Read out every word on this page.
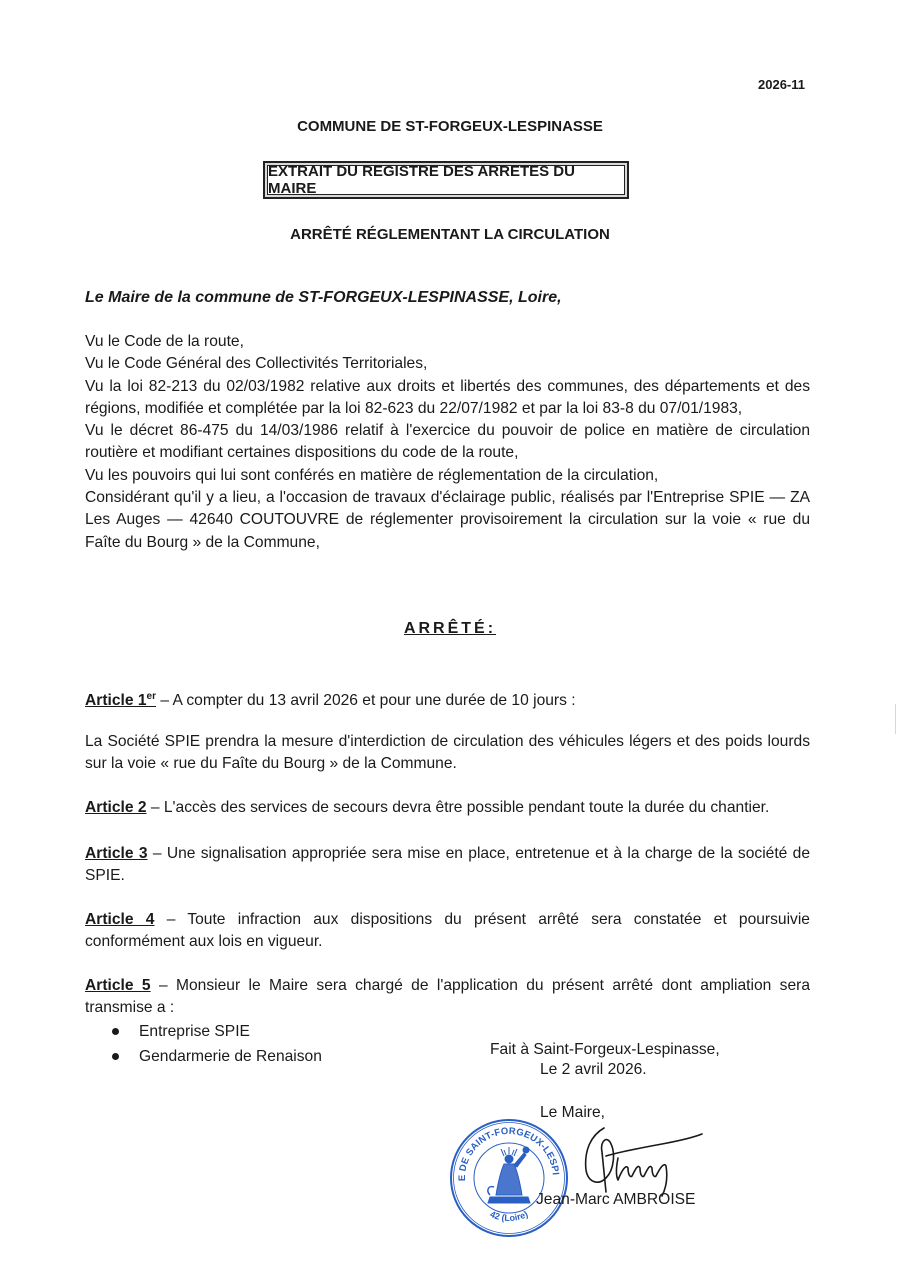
2026-11
COMMUNE DE ST-FORGEUX-LESPINASSE
EXTRAIT DU REGISTRE DES ARRETES DU MAIRE
ARRÊTÉ RÉGLEMENTANT LA CIRCULATION
Le Maire de la commune de ST-FORGEUX-LESPINASSE, Loire,

Vu le Code de la route,

Vu le Code Général des Collectivités Territoriales,

Vu la loi 82-213 du 02/03/1982 relative aux droits et libertés des communes, des départements et des régions, modifiée et complétée par la loi 82-623 du 22/07/1982 et par la loi 83-8 du 07/01/1983,

Vu le décret 86-475 du 14/03/1986 relatif à l'exercice du pouvoir de police en matière de circulation routière et modifiant certaines dispositions du code de la route,

Vu les pouvoirs qui lui sont conférés en matière de réglementation de la circulation,

Considérant qu'il y a lieu, a l'occasion de travaux d'éclairage public, réalisés par l'Entreprise SPIE — ZA Les Auges — 42640 COUTOUVRE de réglementer provisoirement la circulation sur la voie « rue du Faîte du Bourg » de la Commune,

ARRÊTÉ:

Article 1er – A compter du 13 avril 2026 et pour une durée de 10 jours :

La Société SPIE prendra la mesure d'interdiction de circulation des véhicules légers et des poids lourds sur la voie « rue du Faîte du Bourg » de la Commune.

Article 2 – L'accès des services de secours devra être possible pendant toute la durée du chantier.

Article 3 – Une signalisation appropriée sera mise en place, entretenue et à la charge de la société de SPIE.

Article 4 – Toute infraction aux dispositions du présent arrêté sera constatée et poursuivie conformément aux lois en vigueur.

Article 5 – Monsieur le Maire sera chargé de l'application du présent arrêté dont ampliation sera transmise a :

Entreprise SPIE
Gendarmerie de Renaison	Fait à Saint-Forgeux-Lespinasse,
Le 2 avril 2026.
Le Maire,
E DE SAINT-FORGEUX-LESPI
42 (Loire)
Jean-Marc AMBROISE
